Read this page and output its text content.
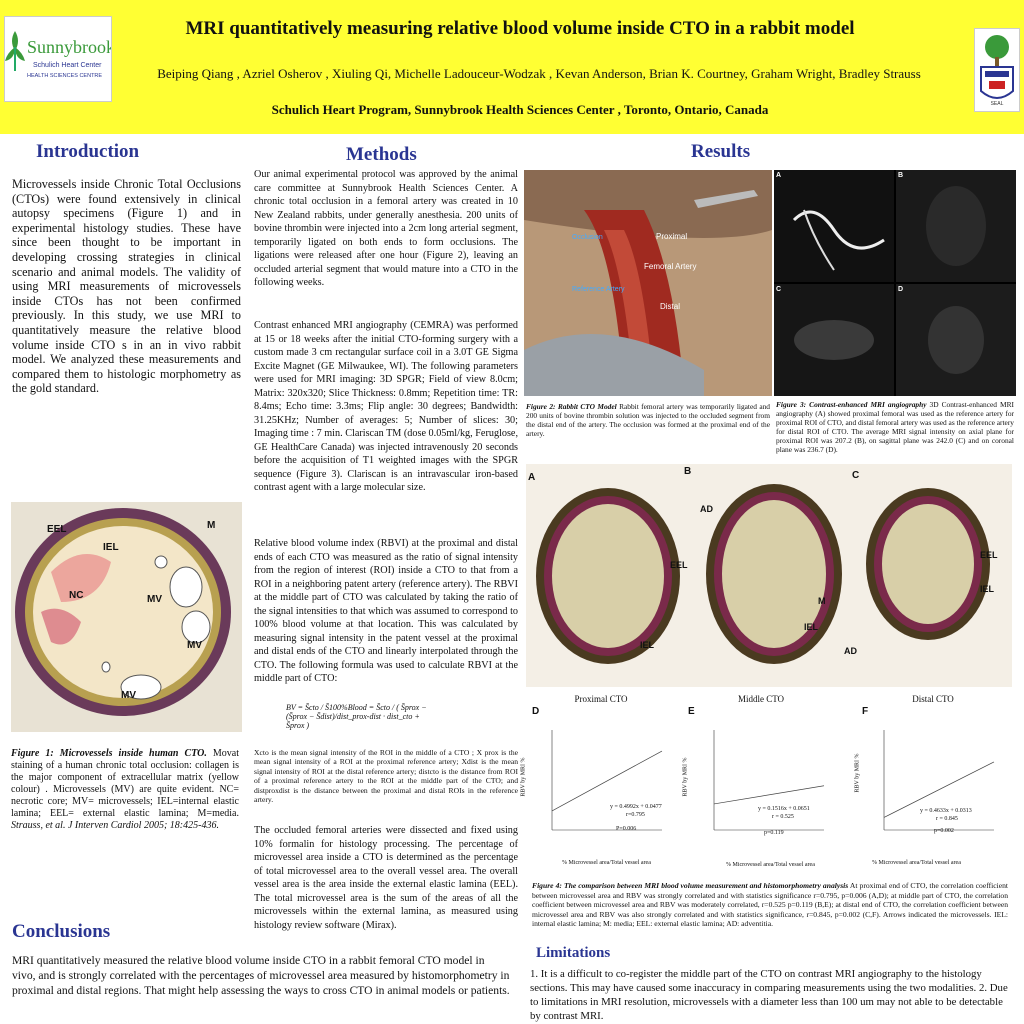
Sunnybrook
Schulich Heart Center
HEALTH SCIENCES CENTRE
SEAL
MRI quantitatively measuring relative blood volume inside CTO in a rabbit model
Beiping Qiang , Azriel Osherov , Xiuling Qi, Michelle Ladouceur-Wodzak , Kevan Anderson, Brian K. Courtney, Graham Wright, Bradley Strauss
Schulich Heart Program, Sunnybrook Health Sciences Center , Toronto, Ontario, Canada
Introduction
Microvessels inside Chronic Total Occlusions (CTOs) were found extensively in clinical autopsy specimens (Figure 1) and in experimental histology studies. These have since been thought to be important in developing crossing strategies in clinical scenario and animal models. The validity of using MRI measurements of microvessels inside CTOs has not been confirmed previously. In this study, we use MRI to quantitatively measure the relative blood volume inside CTO s in an in vivo rabbit model. We analyzed these measurements and compared them to histologic morphometry as the gold standard.
EEL	M
IEL
NC	MV
MV
MV
Figure 1: Microvessels inside human CTO. Movat staining of a human chronic total occlusion: collagen is the major component of extracellular matrix (yellow colour) . Microvessels (MV) are quite evident. NC= necrotic core; MV= microvessels; IEL=internal elastic lamina; EEL= external elastic lamina; M=media. Strauss, et al. J Interven Cardiol 2005; 18:425-436.
Methods
Our animal experimental protocol was approved by the animal care committee at Sunnybrook Health Sciences Center. A chronic total occlusion in a femoral artery was created in 10 New Zealand rabbits, under generally anesthesia. 200 units of bovine thrombin were injected into a 2cm long arterial segment, temporarily ligated on both ends to form occlusions. The ligations were released after one hour (Figure 2), leaving an occluded arterial segment that would mature into a CTO in the following weeks.
Contrast enhanced MRI angiography (CEMRA) was performed at 15 or 18 weeks after the initial CTO-forming surgery with a custom made 3 cm rectangular surface coil in a 3.0T GE Sigma Excite Magnet (GE Milwaukee, WI). The following parameters were used for MRI imaging: 3D SPGR; Field of view 8.0cm; Matrix: 320x320; Slice Thickness: 0.8mm; Repetition time: TR: 8.4ms; Echo time: 3.3ms; Flip angle: 30 degrees; Bandwidth: 31.25KHz; Number of averages: 5; Number of slices: 30; Imaging time : 7 min. Clariscan TM (dose 0.05ml/kg, Feruglose, GE HealthCare Canada) was injected intravenously 20 seconds before the acquisition of T1 weighted images with the SPGR sequence (Figure 3). Clariscan is an intravascular iron-based contrast agent with a large molecular size.
Relative blood volume index (RBVI) at the proximal and distal ends of each CTO was measured as the ratio of signal intensity from the region of interest (ROI) inside a CTO to that from a ROI in a neighboring patent artery (reference artery). The RBVI at the middle part of CTO was calculated by taking the ratio of the signal intensities to that which was assumed to correspond to 100% blood volume at that location. This was calculated by measuring signal intensity in the patent vessel at the proximal and distal ends of the CTO and linearly interpolated through the CTO. The following formula was used to calculate RBVI at the middle part of CTO:
BV = S̄cto / S̄100%Blood = S̄cto / ( S̄prox − (S̄prox − S̄dist)/dist_prox-dist · dist_cto + S̄prox )
Xcto is the mean signal intensity of the ROI in the middle of a CTO ; X prox is the mean signal intensity of a ROI at the proximal reference artery; Xdist is the mean signal intensity of ROI at the distal reference artery; distcto is the distance from ROI of a proximal reference artery to the ROI at the middle part of the CTO; and distproxdist is the distance between the proximal and distal ROIs in the reference artery.
The occluded femoral arteries were dissected and fixed using 10% formalin for histology processing. The percentage of microvessel area inside a CTO is determined as the percentage of total microvessel area to the overall vessel area. The overall vessel area is the area inside the external elastic lamina (EEL). The total microvessel area is the sum of the areas of all the microvessels within the external lamina, as measured using histology review software (Mirax).
Results
Occlusion	Proximal
Femoral Artery
Reference Artery
Distal
A	B
C	D
Figure 2: Rabbit CTO Model Rabbit femoral artery was temporarily ligated and 200 units of bovine thrombin solution was injected to the occluded segment from the distal end of the artery. The occlusion was formed at the proximal end of the artery.
Figure 3: Contrast-enhanced MRI angiography 3D Contrast-enhanced MRI angiography (A) showed proximal femoral was used as the reference artery for proximal ROI of CTO, and distal femoral artery was used as the reference artery for distal ROI of CTO. The average MRI signal intensity on axial plane for proximal ROI was 207.2 (B), on sagittal plane was 242.0 (C) and on coronal plane was 236.7 (D).
A
B	C
AD
EEL
EEL
IEL
M
IEL
IEL
AD
Proximal CTO
D
y = 0.4992x + 0.0477
r=0.795
P=0.006
% Microvessel area/Total vessel area
RBV by MRI %
Middle CTO
E
y = 0.1516x + 0.0651
r = 0.525
p=0.119
% Microvessel area/Total vessel area
RBV by MRI %
Distal CTO
F
y = 0.4633x + 0.0313
r = 0.845
p=0.002
% Microvessel area/Total vessel area
RBV by MRI %
Figure 4: The comparison between MRI blood volume measurement and histomorphometry analysis At proximal end of CTO, the correlation coefficient between microvessel area and RBV was strongly correlated and with statistics significance r=0.795, p=0.006 (A,D); at middle part of CTO, the correlation coefficient between microvessel area and RBV was moderately correlated, r=0.525 p=0.119 (B,E); at distal end of CTO, the correlation coefficient between microvessel area and RBV was also strongly correlated and with statistics significance, r=0.845, p=0.002 (C,F). Arrows indicated the microvessels. IEL: internal elastic lamina; M: media; EEL: external elastic lamina; AD: adventitia.
Conclusions
MRI quantitatively measured the relative blood volume inside CTO in a rabbit femoral CTO model in vivo, and is strongly correlated with the percentages of microvessel area measured by histomorphometry in proximal and distal regions. That might help assessing the ways to cross CTO in animal models or patients.
Limitations
1. It is a difficult to co-register the middle part of the CTO on contrast MRI angiography to the histology sections. This may have caused some inaccuracy in comparing measurements using the two modalities. 2. Due to limitations in MRI resolution, microvessels with a diameter less than 100 um may not able to be detectable by contrast MRI.
